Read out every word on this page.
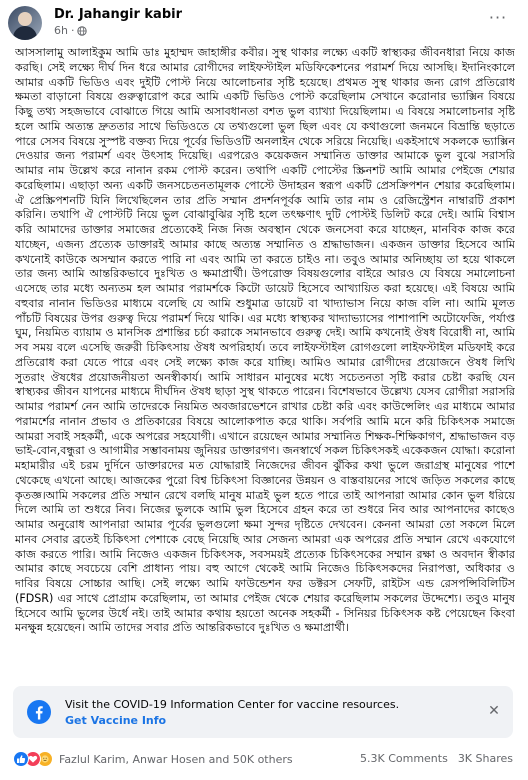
Dr. Jahangir kabir
6h ·
···
আসসালামু আলাইকুম আমি ডাঃ মুহাম্মদ জাহাঙ্গীর কবীর। সুস্থ থাকার লক্ষ্যে একটি স্বাস্থ্যকর জীবনধারা নিয়ে কাজ করছি। সেই লক্ষ্যে দীর্ঘ দিন ধরে আমার রোগীদের লাইফস্টাইল মডিফিকেশনের পরামর্শ দিয়ে আসছি। ইদানিংকালে আমার একটি ভিডিও এবং দুইটি পোস্ট নিয়ে আলোচনার সৃষ্টি হয়েছে। প্রথমত সুস্থ থাকার জন্য রোগ প্রতিরোধ ক্ষমতা বাড়ানো বিষয়ে গুরুত্বারোপ করে আমি একটি ভিডিও পোস্ট করেছিলাম সেখানে করোনার ভ্যাক্সিন বিষয়ে কিছু তথ্য সহজভাবে বোঝাতে গিয়ে আমি অসাবধানতা বশত ভুল ব্যাখ্যা দিয়েছিলাম। এ বিষয়ে সমালোচনার সৃষ্টি হলে আমি অত্যন্ত দ্রুততার সাথে ভিডিওতে যে তথ্যগুলো ভুল ছিল এবং যে কথাগুলো জনমনে বিভ্রান্তি ছড়াতে পারে সেসব বিষয়ে সুস্পষ্ট বক্তব্য দিয়ে পূর্বের ভিডিওটি অনলাইন থেকে সরিয়ে নিয়েছি। একইসাথে সকলকে ভ্যাক্সিন দেওয়ার জন্য পরামর্শ এবং উৎসাহ দিয়েছি। এরপরেও কয়েকজন সম্মানিত ডাক্তার আমাকে ভুল বুঝে সরাসরি আমার নাম উল্লেখ করে নানান রকম পোস্ট করেন। তথাপি একটি পোস্টের স্ক্রিনশট আমি আমার পেইজে শেয়ার করেছিলাম। এছাড়া অন্য একটি জনসচেতনতামূলক পোস্টে উদাহরন স্বরূপ একটি প্রেসক্রিপশন শেয়ার করেছিলাম। ঐ প্রেস্ক্রিপশনটি যিনি লিখেছিলেন তার প্রতি সম্মান প্রদর্শনপূর্বক আমি তার নাম ও রেজিস্ট্রেশন নাম্বারটি প্রকাশ করিনি। তথাপি ঐ পোস্টটি নিয়ে ভুল বোঝাবুঝির সৃষ্টি হলে তৎক্ষণাৎ দুটি পোস্টই ডিলিট করে দেই। আমি বিশ্বাস করি আমাদের ডাক্তার সমাজের প্রত্যেকেই নিজ নিজ অবস্থান থেকে জনসেবা করে যাচ্ছেন, মানবিক কাজ করে যাচ্ছেন, এজন্য প্রত্যেক ডাক্তারই আমার কাছে অত্যন্ত সম্মানিত ও শ্রদ্ধাভাজন। একজন ডাক্তার হিসেবে আমি কখনোই কাউকে অসম্মান করতে পারি না এবং আমি তা করতে চাইও না। তবুও আমার অনিচ্ছায় তা হয়ে থাকলে তার জন্য আমি আন্তরিকভাবে দুঃখিত ও ক্ষমাপ্রার্থী। উপরোক্ত বিষয়গুলোর বাইরে আরও যে বিষয়ে সমালোচনা এসেছে তার মধ্যে অন্যতম হল আমার পরামর্শকে কিটো ডায়েট হিসেবে আখ্যায়িত করা হয়েছে। এই বিষয়ে আমি বহুবার নানান ভিডিওর মাধ্যমে বলেছি যে আমি শুধুমাত্র ডায়েট বা খাদ্যাভাস নিয়ে কাজ বলি না। আমি মূলত পাঁচটি বিষয়ের উপর গুরুত্ব দিয়ে পরামর্শ দিয়ে থাকি। এর মধ্যে স্বাস্থ্যকর খাদ্যাভ্যাসের পাশাপাশি অটোফেজি, পর্যাপ্ত ঘুম, নিয়মিত ব্যায়াম ও মানসিক প্রশান্তির চর্চা করাকে সমানভাবে গুরুত্ব দেই। আমি কখনোই ঔষধ বিরোধী না, আমি সব সময় বলে এসেছি জরুরী চিকিৎসায় ঔষধ অপরিহার্য। তবে লাইফস্টাইল রোগগুলো লাইফস্টাইল মডিফাই করে প্রতিরোধ করা যেতে পারে এবং সেই লক্ষ্যে কাজ করে যাচ্ছি। আমিও আমার রোগীদের প্রয়োজনে ঔষধ লিখি সুতরাং ঔষধের প্রয়োজনীয়তা অনস্বীকার্য। আমি সাধারন মানুষের মধ্যে সচেতনতা সৃষ্টি করার চেষ্টা করছি যেন স্বাস্থ্যকর জীবন যাপনের মাধ্যমে দীর্ঘদিন ঔষধ ছাড়া সুস্থ থাকতে পারেন। বিশেষভাবে উল্লেখ্য যেসব রোগীরা সরাসরি আমার পরামর্শ নেন আমি তাদেরকে নিয়মিত অবজারভেশনে রাখার চেষ্টা করি এবং কাউন্সেলিং এর মাধ্যমে আমার পরামর্শের নানান প্রভাব ও প্রতিকারের বিষয়ে আলোকপাত করে থাকি। সর্বপরি আমি মনে করি চিকিৎসক সমাজে আমরা সবাই সহকর্মী, একে অপরের সহযোগী। এখানে রয়েছেন আমার সম্মানিত শিক্ষক-শিক্ষিকাগণ, শ্রদ্ধাভাজন বড় ভাই-বোন,বন্ধুরা ও আগামীর সম্ভাবনাময় জুনিয়র ডাক্তারগণ। জনস্বার্থে সকল চিকিৎসকই একেকজন যোদ্ধা। করোনা মহামারীর এই চরম দুর্দিনে ডাক্তারদের মত যোদ্ধারাই নিজেদের জীবন ঝুঁকির কথা ভুলে জরাগ্রস্থ মানুষের পাশে থেকেছে এখনো আছে। আজকের পুরো বিশ্ব চিকিৎসা বিজ্ঞানের উন্নয়ন ও বাস্তবায়নের সাথে জড়িত সকলের কাছে কৃতজ্ঞ।আমি সকলের প্রতি সম্মান রেখে বলছি মানুষ মাত্রই ভুল হতে পারে তাই আপনারা আমার কোন ভুল ধরিয়ে দিলে আমি তা শুধরে নিব। নিজের ভুলকে আমি ভুল হিসেবে গ্রহন করে তা শুধরে নিব আর আপনাদের কাছেও আমার অনুরোধ আপনারা আমার পূর্বের ভুলগুলো ক্ষমা সুন্দর দৃষ্টিতে দেখবেন। কেননা আমরা তো সকলে মিলে মানব সেবার ব্রতেই চিকিৎসা পেশাকে বেছে নিয়েছি আর সেজন্য আমরা এক অপরের প্রতি সম্মান রেখে একযোগে কাজ করতে পারি। আমি নিজেও একজন চিকিৎসক, সবসময়ই প্রত্যেক চিকিৎসকের সম্মান রক্ষা ও অবদান স্বীকার আমার কাছে সবচেয়ে বেশি প্রাধান্য পায়। বহু আগে থেকেই আমি নিজেও চিকিৎসকদের নিরাপত্তা, অধিকার ও দাবির বিষয়ে সোচ্চার আছি। সেই লক্ষ্যে আমি ফাউন্ডেশন ফর ডক্টরস সেফটি, রাইটস এন্ড রেসপন্সিবিলিটিস (FDSR) এর সাথে প্রোগ্রাম করেছিলাম, তা আমার পেইজ থেকে শেয়ার করেছিলাম সকলের উদ্দেশ্যে। তবুও মানুষ হিসেবে আমি ভুলের উর্ধে নই। তাই আমার কথায় হয়তো অনেক সহকর্মী - সিনিয়র চিকিৎসক কষ্ট পেয়েছেন কিংবা মনক্ষুন্ন হয়েছেন। আমি তাদের সবার প্রতি আন্তরিকভাবে দুঃখিত ও ক্ষমাপ্রার্থী।
Visit the COVID-19 Information Center for vaccine resources.
Get Vaccine Info
✕
Fazlul Karim, Anwar Hosen and 50K others	5.3K Comments 3K Shares
